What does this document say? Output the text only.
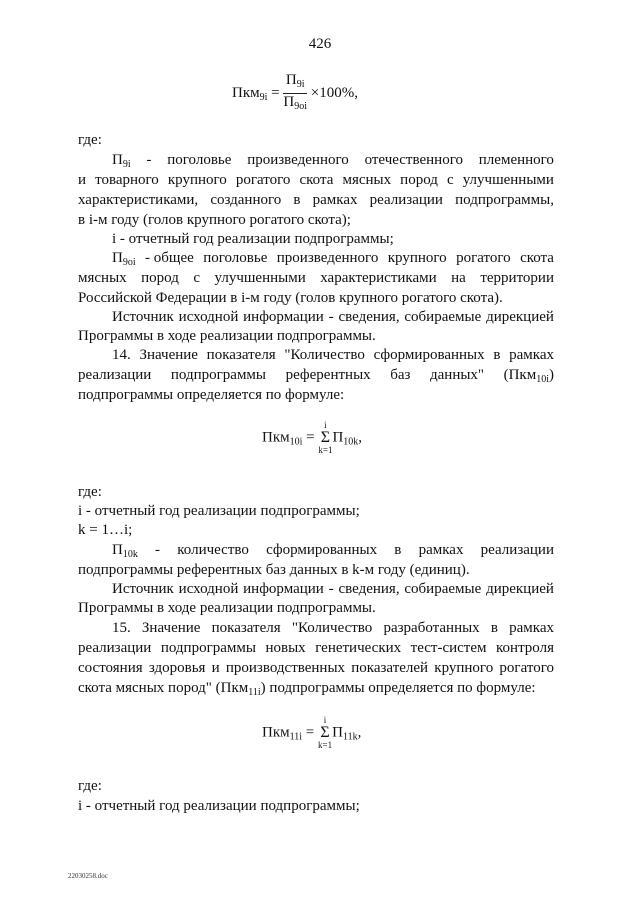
426
$Пкм_{9i} = \frac{П_{9i}}{П_{9oi}} \times 100\%$,
где:
$П_{9i}$ - поголовье произведенного отечественного племенного
и товарного крупного рогатого скота мясных пород с улучшенными
характеристиками, созданного в рамках реализации подпрограммы,
в i-м году (голов крупного рогатого скота);
i - отчетный год реализации подпрограммы;
$П_{9oi}$ - общее поголовье произведенного крупного рогатого скота
мясных пород с улучшенными характеристиками на территории
Российской Федерации в i-м году (голов крупного рогатого скота).
Источник исходной информации - сведения, собираемые дирекцией
Программы в ходе реализации подпрограммы.
14. Значение показателя "Количество сформированных в рамках
реализации подпрограммы референтных баз данных" (Пкм$_{10i}$)
подпрограммы определяется по формуле:
Пкм$_{10i}$ =
i
Σ
k=1
$П_{10k}$,
где:
i - отчетный год реализации подпрограммы;
k = 1…i;
$П_{10k}$ - количество сформированных в рамках реализации
подпрограммы референтных баз данных в k-м году (единиц).
Источник исходной информации - сведения, собираемые дирекцией
Программы в ходе реализации подпрограммы.
15. Значение показателя "Количество разработанных в рамках
реализации подпрограммы новых генетических тест-систем контроля
состояния здоровья и производственных показателей крупного рогатого
скота мясных пород" (Пкм$_{11i}$) подпрограммы определяется по формуле:
Пкм$_{11i}$ =
i
Σ
k=1
$П_{11k}$,
где:
i - отчетный год реализации подпрограммы;
22030258.doc
